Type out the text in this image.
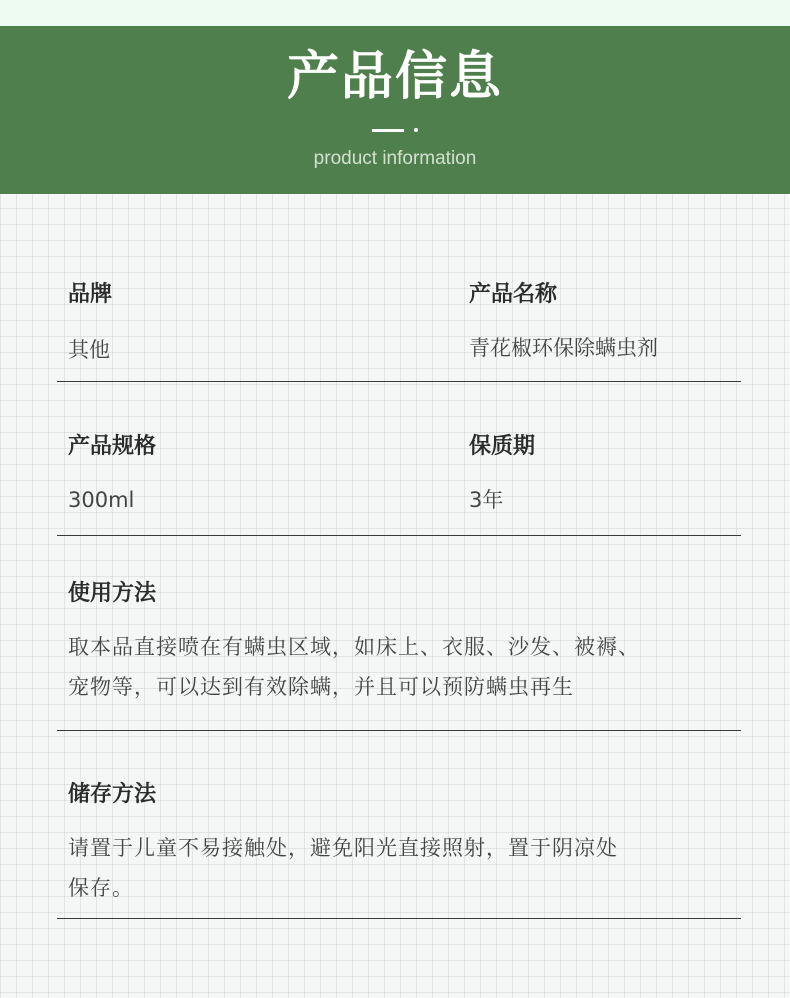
产品信息
product information
品牌
其他
产品名称
青花椒环保除螨虫剂
产品规格
300ml
保质期
3年
使用方法
取本品直接喷在有螨虫区域，如床上、衣服、沙发、被褥、
宠物等，可以达到有效除螨，并且可以预防螨虫再生
储存方法
请置于儿童不易接触处，避免阳光直接照射，置于阴凉处
保存。
